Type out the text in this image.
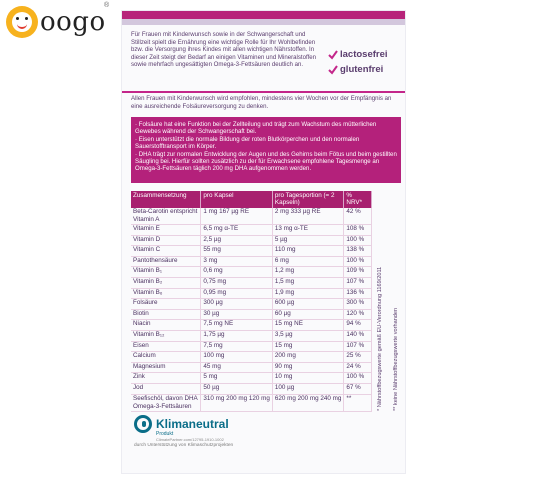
oogo
®
Für Frauen mit Kinderwunsch sowie in der Schwangerschaft und Stillzeit spielt die Ernährung eine wichtige Rolle für Ihr Wohlbefinden bzw. die Versorgung ihres Kindes mit allen wichtigen Nährstoffen. In dieser Zeit steigt der Bedarf an einigen Vitaminen und Mineralstoffen sowie mehrfach ungesättigten Omega-3-Fettsäuren deutlich an.
lactosefrei
glutenfrei
Allen Frauen mit Kinderwunsch wird empfohlen, mindestens vier Wochen vor der Empfängnis an eine ausreichende Folsäureversorgung zu denken.

· Folsäure hat eine Funktion bei der Zellteilung und trägt zum Wachstum des mütterlichen Gewebes während der Schwangerschaft bei.

· Eisen unterstützt die normale Bildung der roten Blutkörperchen und den normalen Sauerstofftransport im Körper.

· DHA trägt zur normalen Entwicklung der Augen und des Gehirns beim Fötus und beim gestillten Säugling bei. Hierfür sollten zusätzlich zu der für Erwachsene empfohlene Tagesmenge an Omega-3-Fettsäuren täglich 200 mg DHA aufgenommen werden.

Zusammensetzung	pro Kapsel	pro Tagesportion (= 2 Kapseln)	% NRV*
Beta-Carotin entspricht Vitamin A	1 mg 167 µg RE	2 mg 333 µg RE	42 %
Vitamin E	6,5 mg α-TE	13 mg α-TE	108 %
Vitamin D	2,5 µg	5 µg	100 %
Vitamin C	55 mg	110 mg	138 %
Pantothensäure	3 mg	6 mg	100 %
Vitamin B₁	0,6 mg	1,2 mg	109 %
Vitamin B₂	0,75 mg	1,5 mg	107 %
Vitamin B₆	0,95 mg	1,9 mg	136 %
Folsäure	300 µg	600 µg	300 %
Biotin	30 µg	60 µg	120 %
Niacin	7,5 mg NE	15 mg NE	94 %
Vitamin B₁₂	1,75 µg	3,5 µg	140 %
Eisen	7,5 mg	15 mg	107 %
Calcium	100 mg	200 mg	25 %
Magnesium	45 mg	90 mg	24 %
Zink	5 mg	10 mg	100 %
Jod	50 µg	100 µg	67 %
Seefischöl, davon DHA Omega-3-Fettsäuren	310 mg 200 mg 120 mg	620 mg 200 mg 240 mg	**	* Nährstoffbezugswerte gemäß EU-Verordnung 1169/2011 ** keine Nährstoffbezugswerte vorhanden
Klimaneutral
Produkt
ClimatePartner.com/12795-1910-1002
durch Unterstützung von Klimaschutzprojekten
